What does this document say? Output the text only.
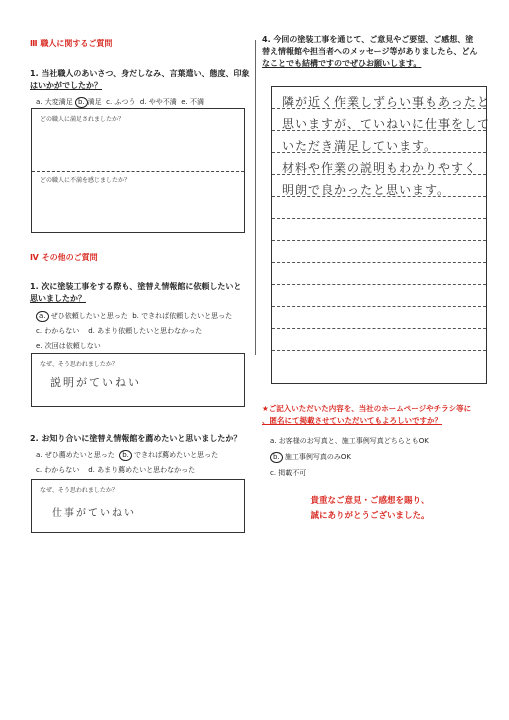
Ⅲ 職人に関するご質問
1. 当社職人のあいさつ、身だしなみ、言葉遣い、態度、印象
はいかがでしたか？
a. 大変満足 b. 満足 c. ふつう d. やや不満 e. 不満
どの職人に満足されましたか？
どの職人に不満を感じましたか？
Ⅳ その他のご質問
1. 次に塗装工事をする際も、塗替え情報館に依頼したいと
思いましたか？
a. ぜひ依頼したいと思った b. できれば依頼したいと思った
c. わからない d. あまり依頼したいと思わなかった
e. 次回は依頼しない
なぜ、そう思われましたか？
説明がていねい
2. お知り合いに塗替え情報館を薦めたいと思いましたか？
a. ぜひ薦めたいと思った b. できれば薦めたいと思った
c. わからない d. あまり薦めたいと思わなかった
なぜ、そう思われましたか？
仕事がていねい
4. 今回の塗装工事を通じて、ご意見やご要望、ご感想、塗
替え情報館や担当者へのメッセージ等がありましたら、どん
なことでも結構ですのでぜひお願いします。
隣が近く作業しずらい事もあったと
思いますが、ていねいに仕事をして
いただき満足しています。
材料や作業の説明もわかりやすく
明朗で良かったと思います。
★ご記入いただいた内容を、当社のホームページやチラシ等に
、匿名にて掲載させていただいてもよろしいですか？
a. お客様のお写真と、施工事例写真どちらともOK
b. 施工事例写真のみOK
c. 掲載不可
貴重なご意見・ご感想を賜り、
誠にありがとうございました。
